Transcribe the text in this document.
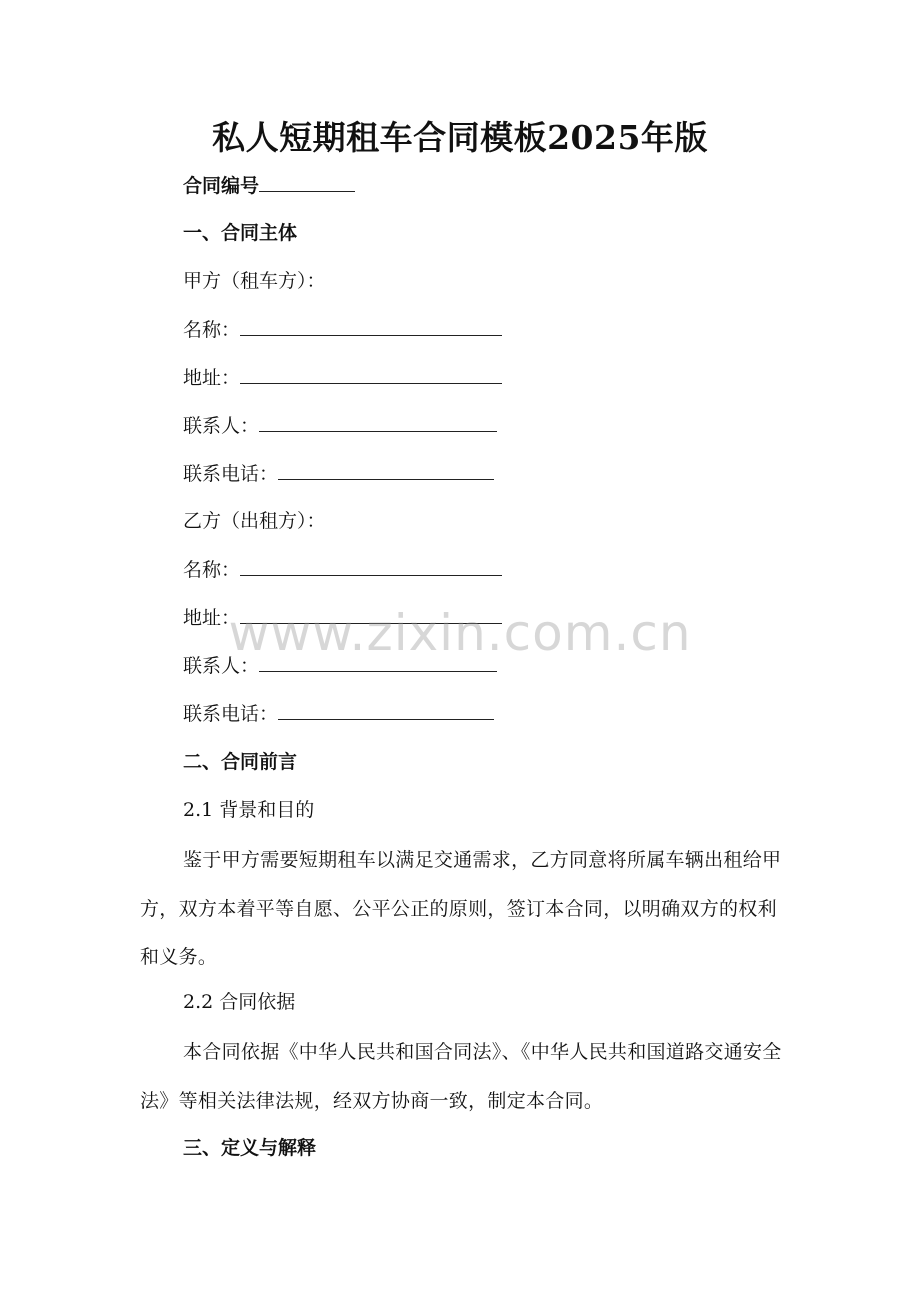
私人短期租车合同模板2025年版
合同编号
一、合同主体
甲方（租车方）：
名称：
地址：
联系人：
联系电话：
乙方（出租方）：
名称：
地址：
联系人：
联系电话：
二、合同前言
2.1 背景和目的
鉴于甲方需要短期租车以满足交通需求，乙方同意将所属车辆出租给甲方，双方本着平等自愿、公平公正的原则，签订本合同，以明确双方的权利和义务。
2.2 合同依据
本合同依据《中华人民共和国合同法》、《中华人民共和国道路交通安全法》等相关法律法规，经双方协商一致，制定本合同。
三、定义与解释
www.zixin.com.cn
